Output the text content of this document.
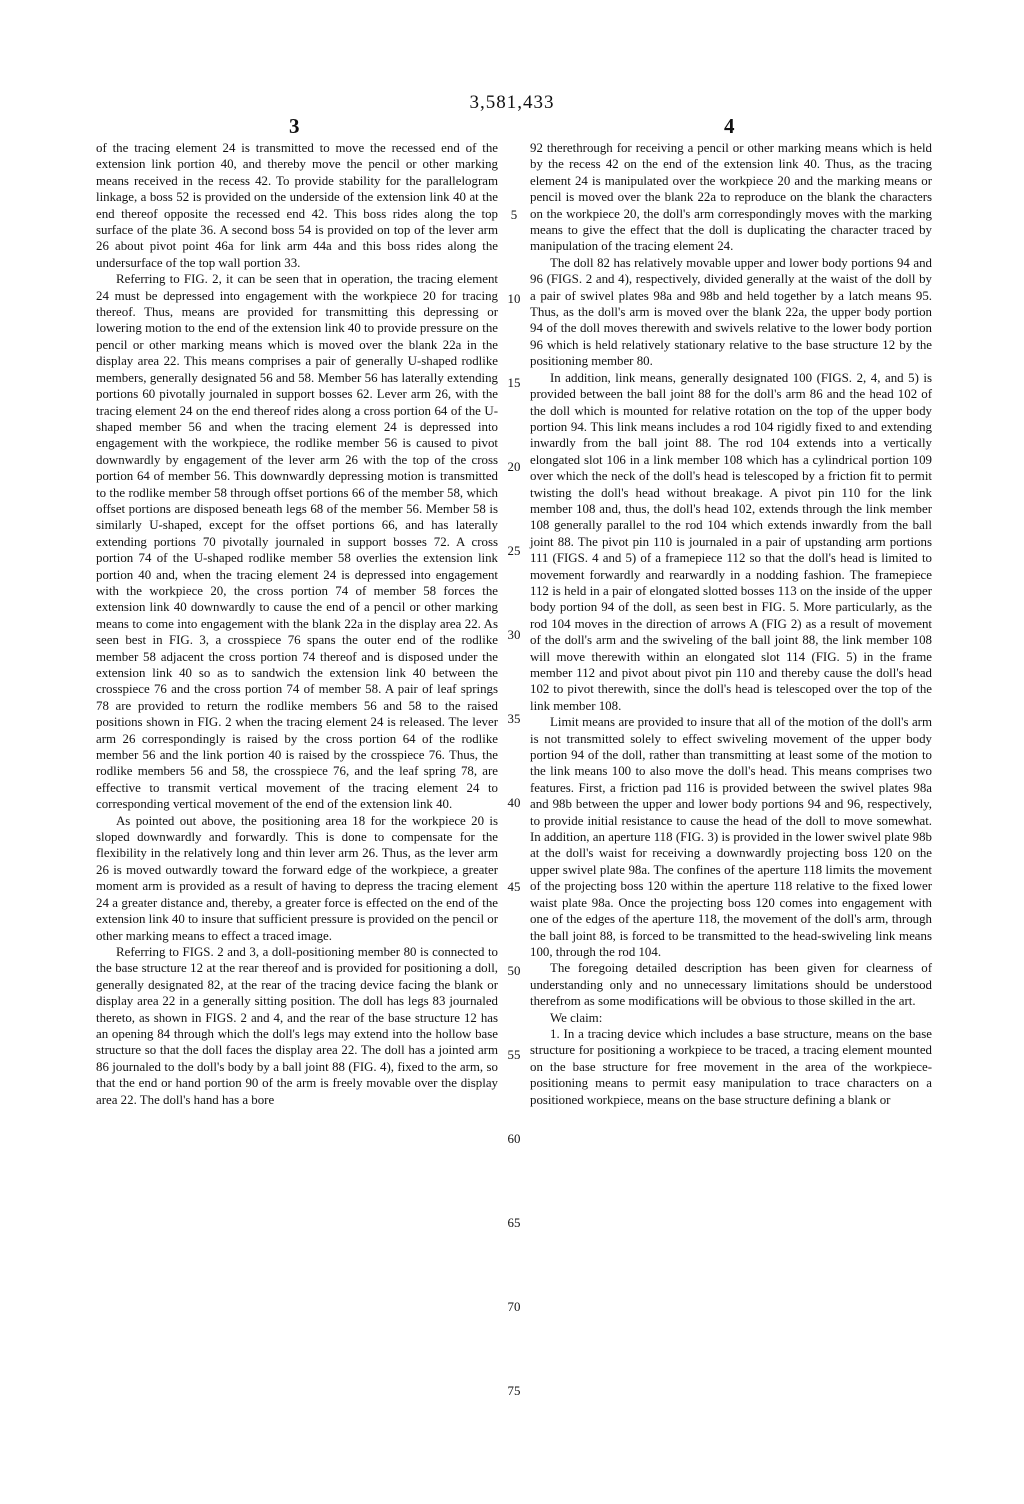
3,581,433
3	4

of the tracing element 24 is transmitted to move the recessed end of the extension link portion 40, and thereby move the pencil or other marking means received in the recess 42. To provide stability for the parallelogram linkage, a boss 52 is provided on the underside of the extension link 40 at the end thereof opposite the recessed end 42. This boss rides along the top surface of the plate 36. A second boss 54 is provided on top of the lever arm 26 about pivot point 46a for link arm 44a and this boss rides along the undersurface of the top wall portion 33.

Referring to FIG. 2, it can be seen that in operation, the tracing element 24 must be depressed into engagement with the workpiece 20 for tracing thereof. Thus, means are provided for transmitting this depressing or lowering motion to the end of the extension link 40 to provide pressure on the pencil or other marking means which is moved over the blank 22a in the display area 22. This means comprises a pair of generally U-shaped rodlike members, generally designated 56 and 58. Member 56 has laterally extending portions 60 pivotally journaled in support bosses 62. Lever arm 26, with the tracing element 24 on the end thereof rides along a cross portion 64 of the U-shaped member 56 and when the tracing element 24 is depressed into engagement with the workpiece, the rodlike member 56 is caused to pivot downwardly by engagement of the lever arm 26 with the top of the cross portion 64 of member 56. This downwardly depressing motion is transmitted to the rodlike member 58 through offset portions 66 of the member 58, which offset portions are disposed beneath legs 68 of the member 56. Member 58 is similarly U-shaped, except for the offset portions 66, and has laterally extending portions 70 pivotally journaled in support bosses 72. A cross portion 74 of the U-shaped rodlike member 58 overlies the extension link portion 40 and, when the tracing element 24 is depressed into engagement with the workpiece 20, the cross portion 74 of member 58 forces the extension link 40 downwardly to cause the end of a pencil or other marking means to come into engagement with the blank 22a in the display area 22. As seen best in FIG. 3, a crosspiece 76 spans the outer end of the rodlike member 58 adjacent the cross portion 74 thereof and is disposed under the extension link 40 so as to sandwich the extension link 40 between the crosspiece 76 and the cross portion 74 of member 58. A pair of leaf springs 78 are provided to return the rodlike members 56 and 58 to the raised positions shown in FIG. 2 when the tracing element 24 is released. The lever arm 26 correspondingly is raised by the cross portion 64 of the rodlike member 56 and the link portion 40 is raised by the crosspiece 76. Thus, the rodlike members 56 and 58, the crosspiece 76, and the leaf spring 78, are effective to transmit vertical movement of the tracing element 24 to corresponding vertical movement of the end of the extension link 40.

As pointed out above, the positioning area 18 for the workpiece 20 is sloped downwardly and forwardly. This is done to compensate for the flexibility in the relatively long and thin lever arm 26. Thus, as the lever arm 26 is moved outwardly toward the forward edge of the workpiece, a greater moment arm is provided as a result of having to depress the tracing element 24 a greater distance and, thereby, a greater force is effected on the end of the extension link 40 to insure that sufficient pressure is provided on the pencil or other marking means to effect a traced image.

Referring to FIGS. 2 and 3, a doll-positioning member 80 is connected to the base structure 12 at the rear thereof and is provided for positioning a doll, generally designated 82, at the rear of the tracing device facing the blank or display area 22 in a generally sitting position. The doll has legs 83 journaled thereto, as shown in FIGS. 2 and 4, and the rear of the base structure 12 has an opening 84 through which the doll's legs may extend into the hollow base structure so that the doll faces the display area 22. The doll has a jointed arm 86 journaled to the doll's body by a ball joint 88 (FIG. 4), fixed to the arm, so that the end or hand portion 90 of the arm is freely movable over the display area 22. The doll's hand has a bore

5
10
15
20
25
30
35
40
45
50
55
60
65
70
75

92 therethrough for receiving a pencil or other marking means which is held by the recess 42 on the end of the extension link 40. Thus, as the tracing element 24 is manipulated over the workpiece 20 and the marking means or pencil is moved over the blank 22a to reproduce on the blank the characters on the workpiece 20, the doll's arm correspondingly moves with the marking means to give the effect that the doll is duplicating the character traced by manipulation of the tracing element 24.

The doll 82 has relatively movable upper and lower body portions 94 and 96 (FIGS. 2 and 4), respectively, divided generally at the waist of the doll by a pair of swivel plates 98a and 98b and held together by a latch means 95. Thus, as the doll's arm is moved over the blank 22a, the upper body portion 94 of the doll moves therewith and swivels relative to the lower body portion 96 which is held relatively stationary relative to the base structure 12 by the positioning member 80.

In addition, link means, generally designated 100 (FIGS. 2, 4, and 5) is provided between the ball joint 88 for the doll's arm 86 and the head 102 of the doll which is mounted for relative rotation on the top of the upper body portion 94. This link means includes a rod 104 rigidly fixed to and extending inwardly from the ball joint 88. The rod 104 extends into a vertically elongated slot 106 in a link member 108 which has a cylindrical portion 109 over which the neck of the doll's head is telescoped by a friction fit to permit twisting the doll's head without breakage. A pivot pin 110 for the link member 108 and, thus, the doll's head 102, extends through the link member 108 generally parallel to the rod 104 which extends inwardly from the ball joint 88. The pivot pin 110 is journaled in a pair of upstanding arm portions 111 (FIGS. 4 and 5) of a framepiece 112 so that the doll's head is limited to movement forwardly and rearwardly in a nodding fashion. The framepiece 112 is held in a pair of elongated slotted bosses 113 on the inside of the upper body portion 94 of the doll, as seen best in FIG. 5. More particularly, as the rod 104 moves in the direction of arrows A (FIG 2) as a result of movement of the doll's arm and the swiveling of the ball joint 88, the link member 108 will move therewith within an elongated slot 114 (FIG. 5) in the frame member 112 and pivot about pivot pin 110 and thereby cause the doll's head 102 to pivot therewith, since the doll's head is telescoped over the top of the link member 108.

Limit means are provided to insure that all of the motion of the doll's arm is not transmitted solely to effect swiveling movement of the upper body portion 94 of the doll, rather than transmitting at least some of the motion to the link means 100 to also move the doll's head. This means comprises two features. First, a friction pad 116 is provided between the swivel plates 98a and 98b between the upper and lower body portions 94 and 96, respectively, to provide initial resistance to cause the head of the doll to move somewhat. In addition, an aperture 118 (FIG. 3) is provided in the lower swivel plate 98b at the doll's waist for receiving a downwardly projecting boss 120 on the upper swivel plate 98a. The confines of the aperture 118 limits the movement of the projecting boss 120 within the aperture 118 relative to the fixed lower waist plate 98a. Once the projecting boss 120 comes into engagement with one of the edges of the aperture 118, the movement of the doll's arm, through the ball joint 88, is forced to be transmitted to the head-swiveling link means 100, through the rod 104.

The foregoing detailed description has been given for clearness of understanding only and no unnecessary limitations should be understood therefrom as some modifications will be obvious to those skilled in the art.

We claim:

1. In a tracing device which includes a base structure, means on the base structure for positioning a workpiece to be traced, a tracing element mounted on the base structure for free movement in the area of the workpiece-positioning means to permit easy manipulation to trace characters on a positioned workpiece, means on the base structure defining a blank or
